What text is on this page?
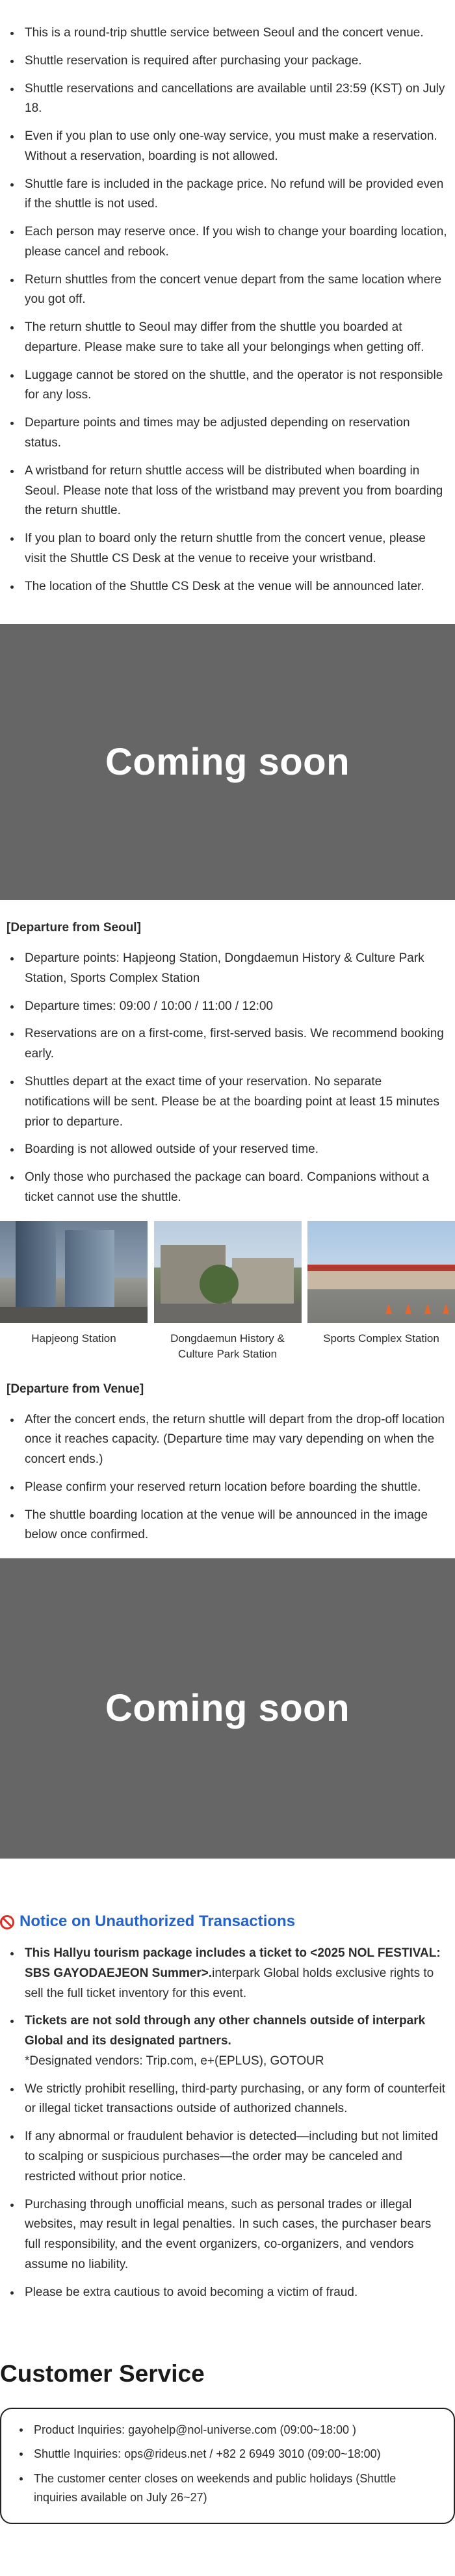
This is a round-trip shuttle service between Seoul and the concert venue.
Shuttle reservation is required after purchasing your package.
Shuttle reservations and cancellations are available until 23:59 (KST) on July 18.
Even if you plan to use only one-way service, you must make a reservation. Without a reservation, boarding is not allowed.
Shuttle fare is included in the package price. No refund will be provided even if the shuttle is not used.
Each person may reserve once. If you wish to change your boarding location, please cancel and rebook.
Return shuttles from the concert venue depart from the same location where you got off.
The return shuttle to Seoul may differ from the shuttle you boarded at departure. Please make sure to take all your belongings when getting off.
Luggage cannot be stored on the shuttle, and the operator is not responsible for any loss.
Departure points and times may be adjusted depending on reservation status.
A wristband for return shuttle access will be distributed when boarding in Seoul. Please note that loss of the wristband may prevent you from boarding the return shuttle.
If you plan to board only the return shuttle from the concert venue, please visit the Shuttle CS Desk at the venue to receive your wristband.
The location of the Shuttle CS Desk at the venue will be announced later.
Coming soon
[Departure from Seoul]
Departure points: Hapjeong Station, Dongdaemun History & Culture Park Station, Sports Complex Station
Departure times: 09:00 / 10:00 / 11:00 / 12:00
Reservations are on a first-come, first-served basis. We recommend booking early.
Shuttles depart at the exact time of your reservation. No separate notifications will be sent. Please be at the boarding point at least 15 minutes prior to departure.
Boarding is not allowed outside of your reserved time.
Only those who purchased the package can board. Companions without a ticket cannot use the shuttle.
Hapjeong Station	Dongdaemun History & Culture Park Station
Sports Complex Station
[Departure from Venue]
After the concert ends, the return shuttle will depart from the drop-off location once it reaches capacity. (Departure time may vary depending on when the concert ends.)
Please confirm your reserved return location before boarding the shuttle.
The shuttle boarding location at the venue will be announced in the image below once confirmed.
Coming soon
Notice on Unauthorized Transactions
This Hallyu tourism package includes a ticket to <2025 NOL FESTIVAL: SBS GAYODAEJEON Summer>.interpark Global holds exclusive rights to sell the full ticket inventory for this event.
Tickets are not sold through any other channels outside of interpark Global and its designated partners.
*Designated vendors: Trip.com, e+(EPLUS), GOTOUR
We strictly prohibit reselling, third-party purchasing, or any form of counterfeit or illegal ticket transactions outside of authorized channels.
If any abnormal or fraudulent behavior is detected—including but not limited to scalping or suspicious purchases—the order may be canceled and restricted without prior notice.
Purchasing through unofficial means, such as personal trades or illegal websites, may result in legal penalties. In such cases, the purchaser bears full responsibility, and the event organizers, co-organizers, and vendors assume no liability.
Please be extra cautious to avoid becoming a victim of fraud.
Customer Service
Product Inquiries: gayohelp@nol-universe.com (09:00~18:00 )
Shuttle Inquiries: ops@rideus.net / +82 2 6949 3010 (09:00~18:00)
The customer center closes on weekends and public holidays (Shuttle inquiries available on July 26~27)
